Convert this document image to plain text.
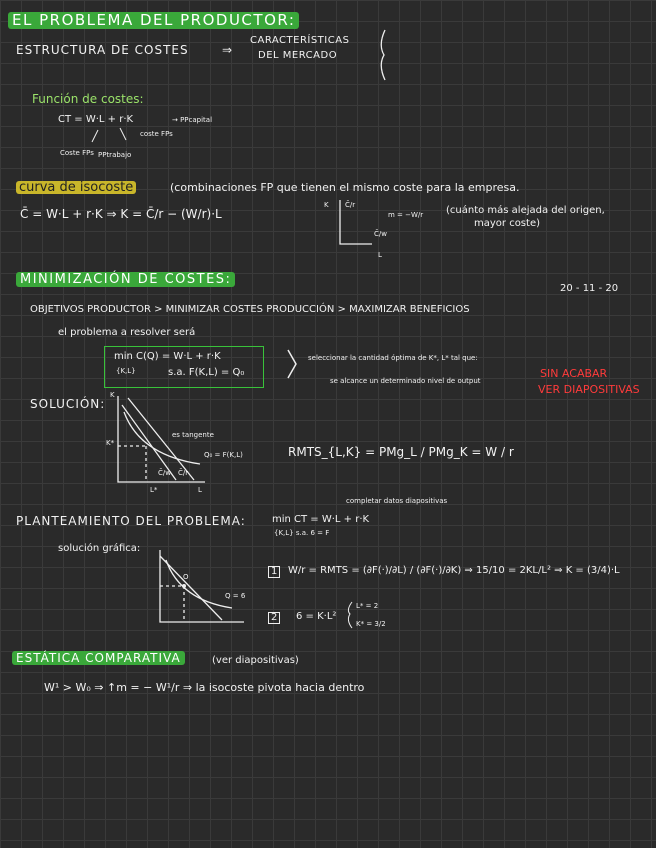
EL PROBLEMA DEL PRODUCTOR:
ESTRUCTURA DE COSTES	⇒
CARACTERÍSTICAS
DEL MERCADO
Función de costes:
CT = W·L + r·K	→ PPcapital
coste FPs
Coste FPs PPtrabajo
curva de isocoste	(combinaciones FP que tienen el mismo coste para la empresa.
C̄ = W·L + r·K ⇒ K = C̄/r − (W/r)·L
K C̄/r
C̄/w
L
m = −W/r (cuánto más alejada del origen,
mayor coste)
MINIMIZACIÓN DE COSTES:
20 - 11 - 20
OBJETIVOS PRODUCTOR > MINIMIZAR COSTES PRODUCCIÓN > MAXIMIZAR BENEFICIOS
el problema a resolver será
min C(Q) = W·L + r·K
{K,L}	s.a. F(K,L) = Q₀
seleccionar la cantidad óptima de K*, L* tal que:
se alcance un determinado nivel de output
SIN ACABAR
VER DIAPOSITIVAS
SOLUCIÓN:
K
K*
es tangente
Q₀ = F(K,L)
L*	L
C̄/w C̄/r
RMTS_{L,K} = PMg_L / PMg_K = W / r
completar datos diapositivas
PLANTEAMIENTO DEL PROBLEMA:	min CT = W·L + r·K
{K,L} s.a. 6 = F
solución gráfica:
O
Q = 6
1	W/r = RMTS = (∂F(·)/∂L) / (∂F(·)/∂K) ⇒ 15/10 = 2KL/L² ⇒ K = (3/4)·L
2	6 = K·L²
L* = 2
K* = 3/2
ESTÁTICA COMPARATIVA	(ver diapositivas)
W¹ > W₀ ⇒ ↑m = − W¹/r ⇒ la isocoste pivota hacia dentro
